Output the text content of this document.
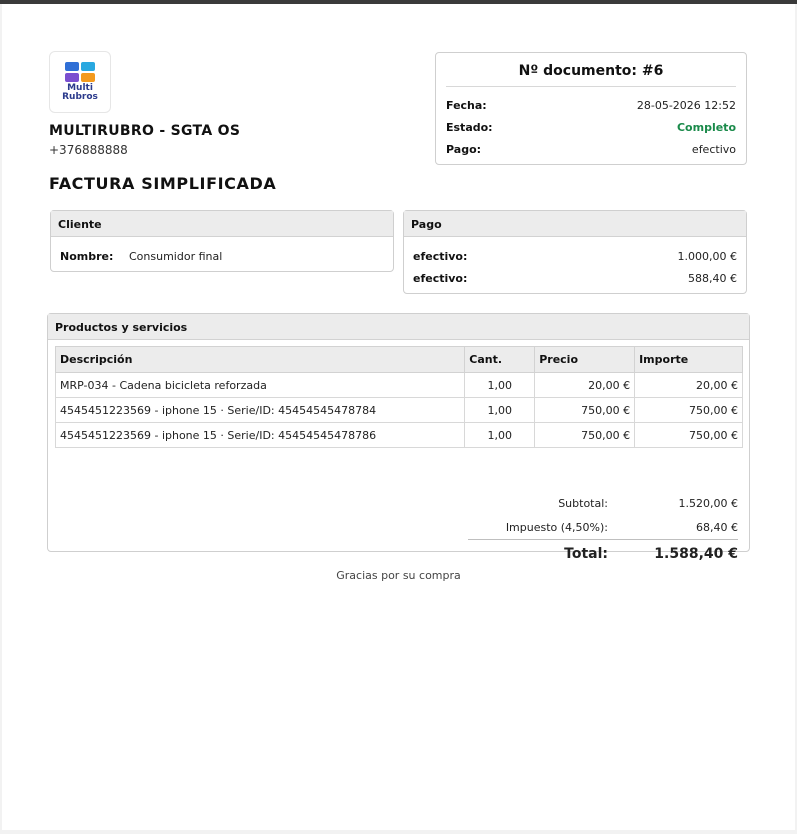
Multi
Rubros
MULTIRUBRO - SGTA OS
+376888888
FACTURA SIMPLIFICADA
Nº documento: #6
Fecha:	28-05-2026 12:52
Estado:	Completo
Pago:	efectivo
Cliente
Nombre:	Consumidor final
Pago
efectivo:	1.000,00 €
efectivo:	588,40 €
Productos y servicios
Descripción	Cant.	Precio	Importe
MRP-034 - Cadena bicicleta reforzada	1,00	20,00 €	20,00 €
4545451223569 - iphone 15 · Serie/ID: 45454545478784	1,00	750,00 €	750,00 €
4545451223569 - iphone 15 · Serie/ID: 45454545478786	1,00	750,00 €	750,00 €
Subtotal:	1.520,00 €
Impuesto (4,50%):	68,40 €
Total:	1.588,40 €
Gracias por su compra
